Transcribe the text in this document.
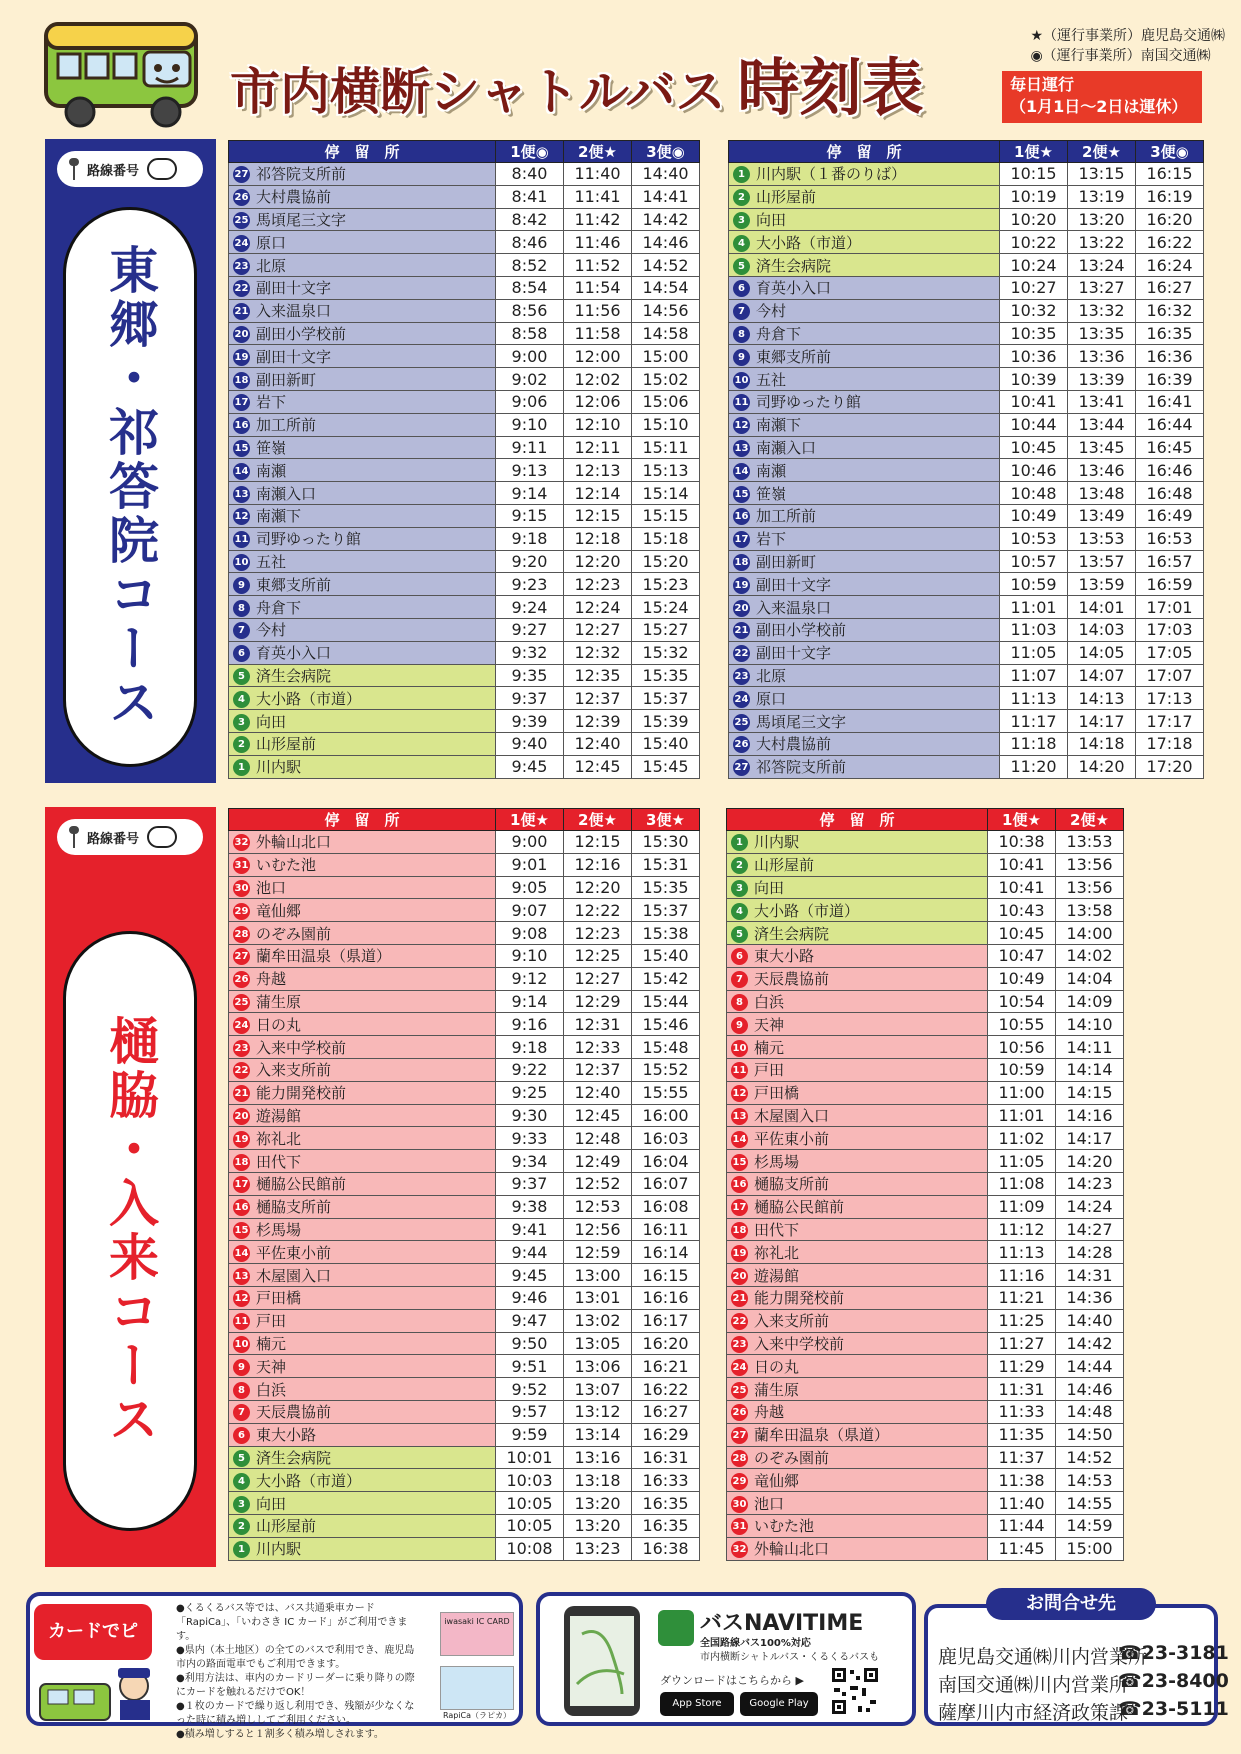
市内横断シャトルバス 時刻表
★（運行事業所）鹿児島交通㈱
◉（運行事業所）南国交通㈱
毎日運行
（1月1日～2日は運休）
路線番号 55
東郷・祁答院コース
路線番号 44
樋脇・入来コース
停　留　所	1便◉	2便★	3便◉
27 祁答院支所前	8:40	11:40	14:40
26 大村農協前	8:41	11:41	14:41
25 馬頃尾三文字	8:42	11:42	14:42
24 原口	8:46	11:46	14:46
23 北原	8:52	11:52	14:52
22 副田十文字	8:54	11:54	14:54
21 入来温泉口	8:56	11:56	14:56
20 副田小学校前	8:58	11:58	14:58
19 副田十文字	9:00	12:00	15:00
18 副田新町	9:02	12:02	15:02
17 岩下	9:06	12:06	15:06
16 加工所前	9:10	12:10	15:10
15 笹嶺	9:11	12:11	15:11
14 南瀬	9:13	12:13	15:13
13 南瀬入口	9:14	12:14	15:14
12 南瀬下	9:15	12:15	15:15
11 司野ゆったり館	9:18	12:18	15:18
10 五社	9:20	12:20	15:20
9 東郷支所前	9:23	12:23	15:23
8 舟倉下	9:24	12:24	15:24
7 今村	9:27	12:27	15:27
6 育英小入口	9:32	12:32	15:32
5 済生会病院	9:35	12:35	15:35
4 大小路（市道）	9:37	12:37	15:37
3 向田	9:39	12:39	15:39
2 山形屋前	9:40	12:40	15:40
1 川内駅	9:45	12:45	15:45
停　留　所	1便★	2便★	3便◉
1 川内駅（１番のりば）	10:15	13:15	16:15
2 山形屋前	10:19	13:19	16:19
3 向田	10:20	13:20	16:20
4 大小路（市道）	10:22	13:22	16:22
5 済生会病院	10:24	13:24	16:24
6 育英小入口	10:27	13:27	16:27
7 今村	10:32	13:32	16:32
8 舟倉下	10:35	13:35	16:35
9 東郷支所前	10:36	13:36	16:36
10 五社	10:39	13:39	16:39
11 司野ゆったり館	10:41	13:41	16:41
12 南瀬下	10:44	13:44	16:44
13 南瀬入口	10:45	13:45	16:45
14 南瀬	10:46	13:46	16:46
15 笹嶺	10:48	13:48	16:48
16 加工所前	10:49	13:49	16:49
17 岩下	10:53	13:53	16:53
18 副田新町	10:57	13:57	16:57
19 副田十文字	10:59	13:59	16:59
20 入来温泉口	11:01	14:01	17:01
21 副田小学校前	11:03	14:03	17:03
22 副田十文字	11:05	14:05	17:05
23 北原	11:07	14:07	17:07
24 原口	11:13	14:13	17:13
25 馬頃尾三文字	11:17	14:17	17:17
26 大村農協前	11:18	14:18	17:18
27 祁答院支所前	11:20	14:20	17:20
停　留　所	1便★	2便★	3便★
32 外輪山北口	9:00	12:15	15:30
31 いむた池	9:01	12:16	15:31
30 池口	9:05	12:20	15:35
29 竜仙郷	9:07	12:22	15:37
28 のぞみ園前	9:08	12:23	15:38
27 蘭牟田温泉（県道）	9:10	12:25	15:40
26 舟越	9:12	12:27	15:42
25 蒲生原	9:14	12:29	15:44
24 日の丸	9:16	12:31	15:46
23 入来中学校前	9:18	12:33	15:48
22 入来支所前	9:22	12:37	15:52
21 能力開発校前	9:25	12:40	15:55
20 遊湯館	9:30	12:45	16:00
19 祢礼北	9:33	12:48	16:03
18 田代下	9:34	12:49	16:04
17 樋脇公民館前	9:37	12:52	16:07
16 樋脇支所前	9:38	12:53	16:08
15 杉馬場	9:41	12:56	16:11
14 平佐東小前	9:44	12:59	16:14
13 木屋園入口	9:45	13:00	16:15
12 戸田橋	9:46	13:01	16:16
11 戸田	9:47	13:02	16:17
10 楠元	9:50	13:05	16:20
9 天神	9:51	13:06	16:21
8 白浜	9:52	13:07	16:22
7 天辰農協前	9:57	13:12	16:27
6 東大小路	9:59	13:14	16:29
5 済生会病院	10:01	13:16	16:31
4 大小路（市道）	10:03	13:18	16:33
3 向田	10:05	13:20	16:35
2 山形屋前	10:05	13:20	16:35
1 川内駅	10:08	13:23	16:38
停　留　所	1便★	2便★
1 川内駅	10:38	13:53
2 山形屋前	10:41	13:56
3 向田	10:41	13:56
4 大小路（市道）	10:43	13:58
5 済生会病院	10:45	14:00
6 東大小路	10:47	14:02
7 天辰農協前	10:49	14:04
8 白浜	10:54	14:09
9 天神	10:55	14:10
10 楠元	10:56	14:11
11 戸田	10:59	14:14
12 戸田橋	11:00	14:15
13 木屋園入口	11:01	14:16
14 平佐東小前	11:02	14:17
15 杉馬場	11:05	14:20
16 樋脇支所前	11:08	14:23
17 樋脇公民館前	11:09	14:24
18 田代下	11:12	14:27
19 祢礼北	11:13	14:28
20 遊湯館	11:16	14:31
21 能力開発校前	11:21	14:36
22 入来支所前	11:25	14:40
23 入来中学校前	11:27	14:42
24 日の丸	11:29	14:44
25 蒲生原	11:31	14:46
26 舟越	11:33	14:48
27 蘭牟田温泉（県道）	11:35	14:50
28 のぞみ園前	11:37	14:52
29 竜仙郷	11:38	14:53
30 池口	11:40	14:55
31 いむた池	11:44	14:59
32 外輪山北口	11:45	15:00
カードでピ
●くるくるバス等では、バス共通乗車カード「RapiCa」、「いわさき IC カード」がご利用できます。
●県内（本土地区）の全てのバスで利用でき、鹿児島市内の路面電車でもご利用できます。
●利用方法は、車内のカードリーダーに乗り降りの際にカードを触れるだけでOK！
●１枚のカードで繰り返し利用でき、残額が少なくなった時に積み増ししてご利用ください。
●積み増しすると１割多く積み増しされます。
iwasaki IC CARD
RapiCa（ラピカ）
バスNAVITIME
全国路線バス100%対応
市内横断シャトルバス・くるくるバスも
ダウンロードはこちらから ▶
App Store	Google Play
鹿児島交通㈱川内営業所
☎23-3181
南国交通㈱川内営業所
☎23-8400
薩摩川内市経済政策課
☎23-5111
お問合せ先
